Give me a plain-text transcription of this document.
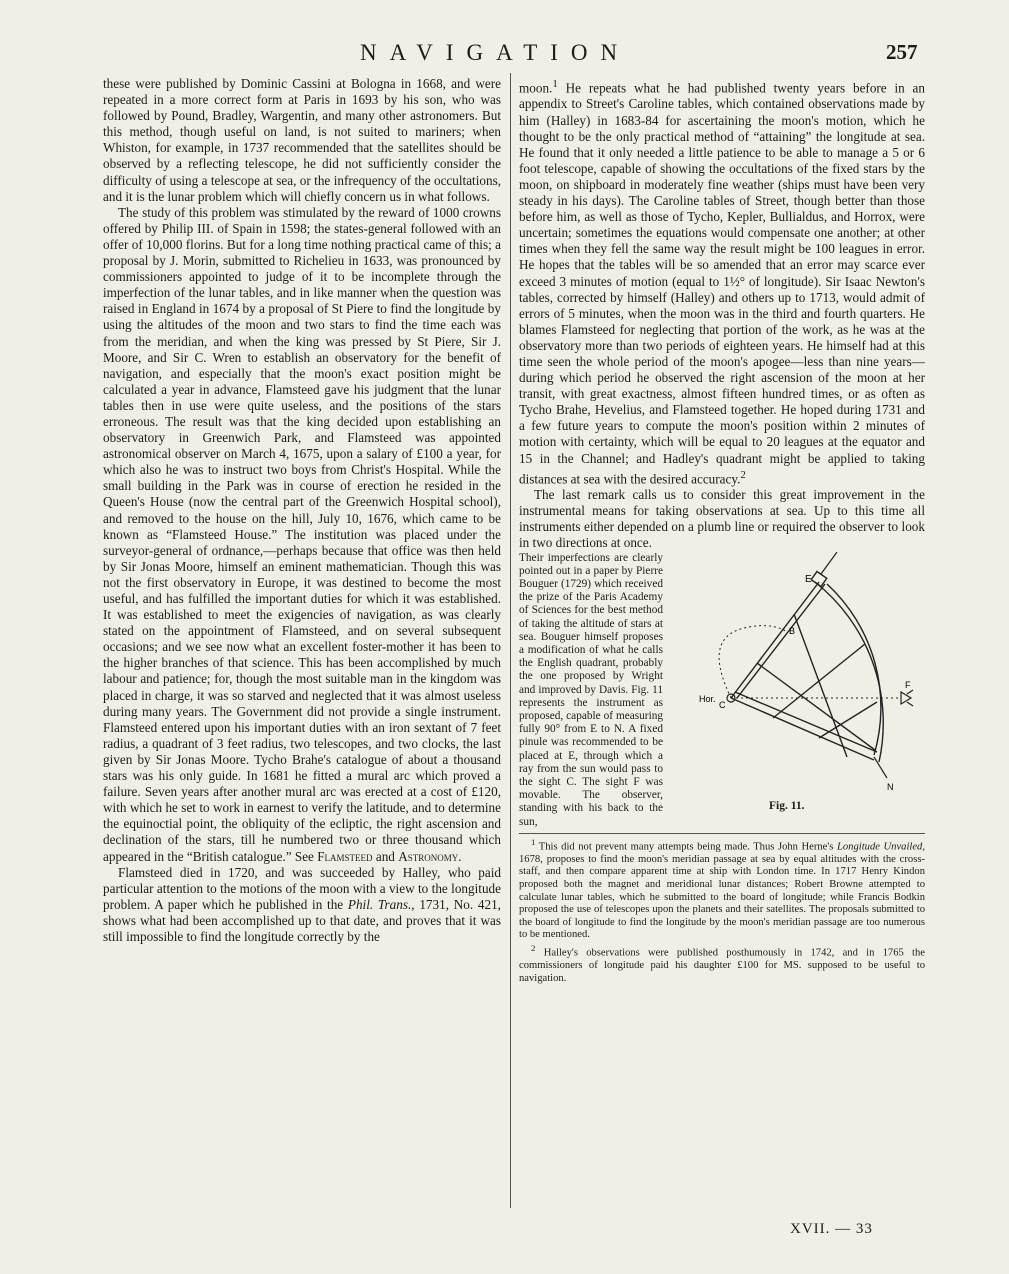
NAVIGATION	257

these were published by Dominic Cassini at Bologna in 1668, and were repeated in a more correct form at Paris in 1693 by his son, who was followed by Pound, Bradley, Wargentin, and many other astronomers. But this method, though useful on land, is not suited to mariners; when Whiston, for example, in 1737 recommended that the satellites should be observed by a reflecting telescope, he did not sufficiently consider the difficulty of using a telescope at sea, or the infrequency of the occultations, and it is the lunar problem which will chiefly concern us in what follows.

The study of this problem was stimulated by the reward of 1000 crowns offered by Philip III. of Spain in 1598; the states-general followed with an offer of 10,000 florins. But for a long time nothing practical came of this; a proposal by J. Morin, submitted to Richelieu in 1633, was pronounced by commissioners appointed to judge of it to be incomplete through the imperfection of the lunar tables, and in like manner when the question was raised in England in 1674 by a proposal of St Piere to find the longitude by using the altitudes of the moon and two stars to find the time each was from the meridian, and when the king was pressed by St Piere, Sir J. Moore, and Sir C. Wren to establish an observatory for the benefit of navigation, and especially that the moon's exact position might be calculated a year in advance, Flamsteed gave his judgment that the lunar tables then in use were quite useless, and the positions of the stars erroneous. The result was that the king decided upon establishing an observatory in Greenwich Park, and Flamsteed was appointed astronomical observer on March 4, 1675, upon a salary of £100 a year, for which also he was to instruct two boys from Christ's Hospital. While the small building in the Park was in course of erection he resided in the Queen's House (now the central part of the Greenwich Hospital school), and removed to the house on the hill, July 10, 1676, which came to be known as “Flamsteed House.” The institution was placed under the surveyor-general of ordnance,—perhaps because that office was then held by Sir Jonas Moore, himself an eminent mathematician. Though this was not the first observatory in Europe, it was destined to become the most useful, and has fulfilled the important duties for which it was established. It was established to meet the exigencies of navigation, as was clearly stated on the appointment of Flamsteed, and on several subsequent occasions; and we see now what an excellent foster-mother it has been to the higher branches of that science. This has been accomplished by much labour and patience; for, though the most suitable man in the kingdom was placed in charge, it was so starved and neglected that it was almost useless during many years. The Government did not provide a single instrument. Flamsteed entered upon his important duties with an iron sextant of 7 feet radius, a quadrant of 3 feet radius, two telescopes, and two clocks, the last given by Sir Jonas Moore. Tycho Brahe's catalogue of about a thousand stars was his only guide. In 1681 he fitted a mural arc which proved a failure. Seven years after another mural arc was erected at a cost of £120, with which he set to work in earnest to verify the latitude, and to determine the equinoctial point, the obliquity of the ecliptic, the right ascension and declination of the stars, till he numbered two or three thousand which appeared in the “British catalogue.” See Flamsteed and Astronomy.

Flamsteed died in 1720, and was succeeded by Halley, who paid particular attention to the motions of the moon with a view to the longitude problem. A paper which he published in the Phil. Trans., 1731, No. 421, shows what had been accomplished up to that date, and proves that it was still impossible to find the longitude correctly by the

moon.$^1$ He repeats what he had published twenty years before in an appendix to Street's Caroline tables, which contained observations made by him (Halley) in 1683-84 for ascertaining the moon's motion, which he thought to be the only practical method of “attaining” the longitude at sea. He found that it only needed a little patience to be able to manage a 5 or 6 foot telescope, capable of showing the occultations of the fixed stars by the moon, on shipboard in moderately fine weather (ships must have been very steady in his days). The Caroline tables of Street, though better than those before him, as well as those of Tycho, Kepler, Bullialdus, and Horrox, were uncertain; sometimes the equations would compensate one another; at other times when they fell the same way the result might be 100 leagues in error. He hopes that the tables will be so amended that an error may scarce ever exceed 3 minutes of motion (equal to 1½° of longitude). Sir Isaac Newton's tables, corrected by himself (Halley) and others up to 1713, would admit of errors of 5 minutes, when the moon was in the third and fourth quarters. He blames Flamsteed for neglecting that portion of the work, as he was at the observatory more than two periods of eighteen years. He himself had at this time seen the whole period of the moon's apogee—less than nine years—during which period he observed the right ascension of the moon at her transit, with great exactness, almost fifteen hundred times, or as often as Tycho Brahe, Hevelius, and Flamsteed together. He hoped during 1731 and a few future years to compute the moon's position within 2 minutes of motion with certainty, which will be equal to 20 leagues at the equator and 15 in the Channel; and Hadley's quadrant might be applied to taking distances at sea with the desired accuracy.$^2$

The last remark calls us to consider this great improvement in the instrumental means for taking observations at sea. Up to this time all instruments either depended on a plumb line or required the observer to look in two directions at once.

E
B
C
F
N
Hor.
Fig. 11.
Their imperfections are clearly pointed out in a paper by Pierre Bouguer (1729) which received the prize of the Paris Academy of Sciences for the best method of taking the altitude of stars at sea. Bouguer himself proposes a modification of what he calls the English quadrant, probably the one proposed by Wright and improved by Davis. Fig. 11 represents the instrument as proposed, capable of measuring fully 90° from E to N. A fixed pinule was recommended to be placed at E, through which a ray from the sun would pass to the sight C. The sight F was movable. The observer, standing with his back to the sun,

$^1$ This did not prevent many attempts being made. Thus John Herne's Longitude Unvailed, 1678, proposes to find the moon's meridian passage at sea by equal altitudes with the cross-staff, and then compare apparent time at ship with London time. In 1717 Henry Kindon proposed both the magnet and meridional lunar distances; Robert Browne attempted to calculate lunar tables, which he submitted to the board of longitude; while Francis Bodkin proposed the use of telescopes upon the planets and their satellites. The proposals submitted to the board of longitude to find the longitude by the moon's meridian passage are too numerous to be mentioned.

$^2$ Halley's observations were published posthumously in 1742, and in 1765 the commissioners of longitude paid his daughter £100 for MS. supposed to be useful to navigation.

XVII. — 33
